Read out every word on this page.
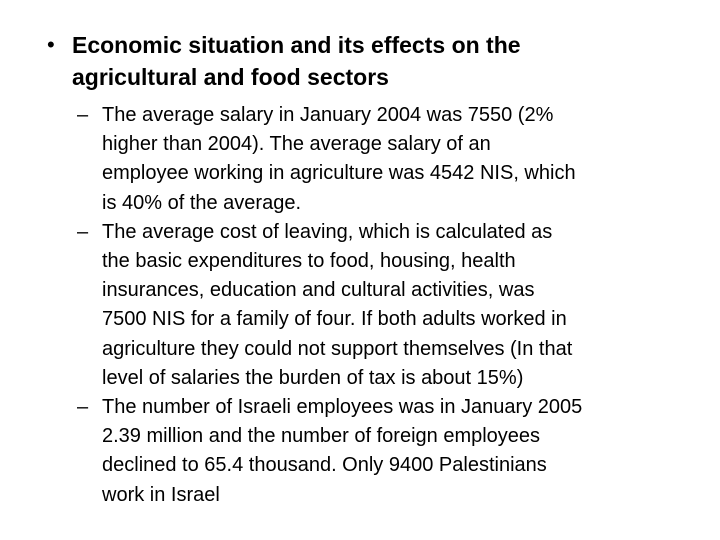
• Economic situation and its effects on the
agricultural and food sectors
– The average salary in January 2004 was 7550 (2%
higher than 2004). The average salary of an
employee working in agriculture was 4542 NIS, which
is 40% of the average.
– The average cost of leaving, which is calculated as
the basic expenditures to food, housing, health
insurances, education and cultural activities, was
7500 NIS for a family of four. If both adults worked in
agriculture they could not support themselves (In that
level of salaries the burden of tax is about 15%)
– The number of Israeli employees was in January 2005
2.39 million and the number of foreign employees
declined to 65.4 thousand. Only 9400 Palestinians
work in Israel
